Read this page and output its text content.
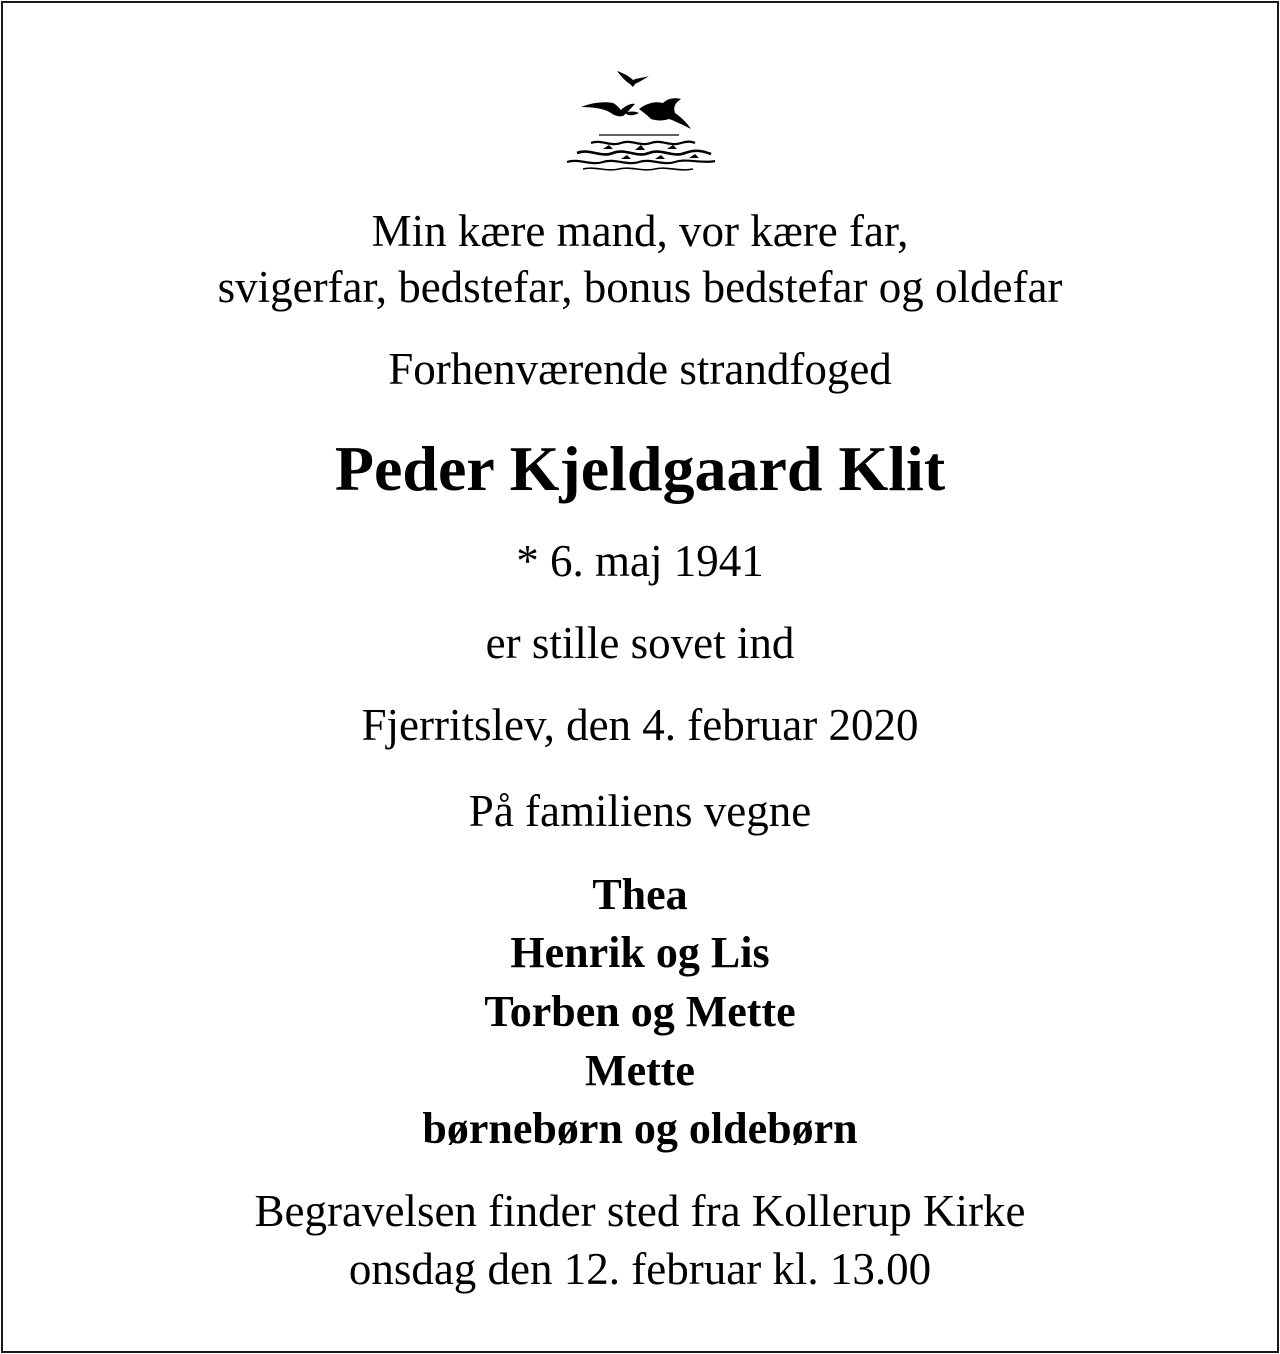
Min kære mand, vor kære far,
svigerfar, bedstefar, bonus bedstefar og oldefar
Forhenværende strandfoged
Peder Kjeldgaard Klit
* 6. maj 1941
er stille sovet ind
Fjerritslev, den 4. februar 2020
På familiens vegne
Thea
Henrik og Lis
Torben og Mette
Mette
børnebørn og oldebørn
Begravelsen finder sted fra Kollerup Kirke
onsdag den 12. februar kl. 13.00
